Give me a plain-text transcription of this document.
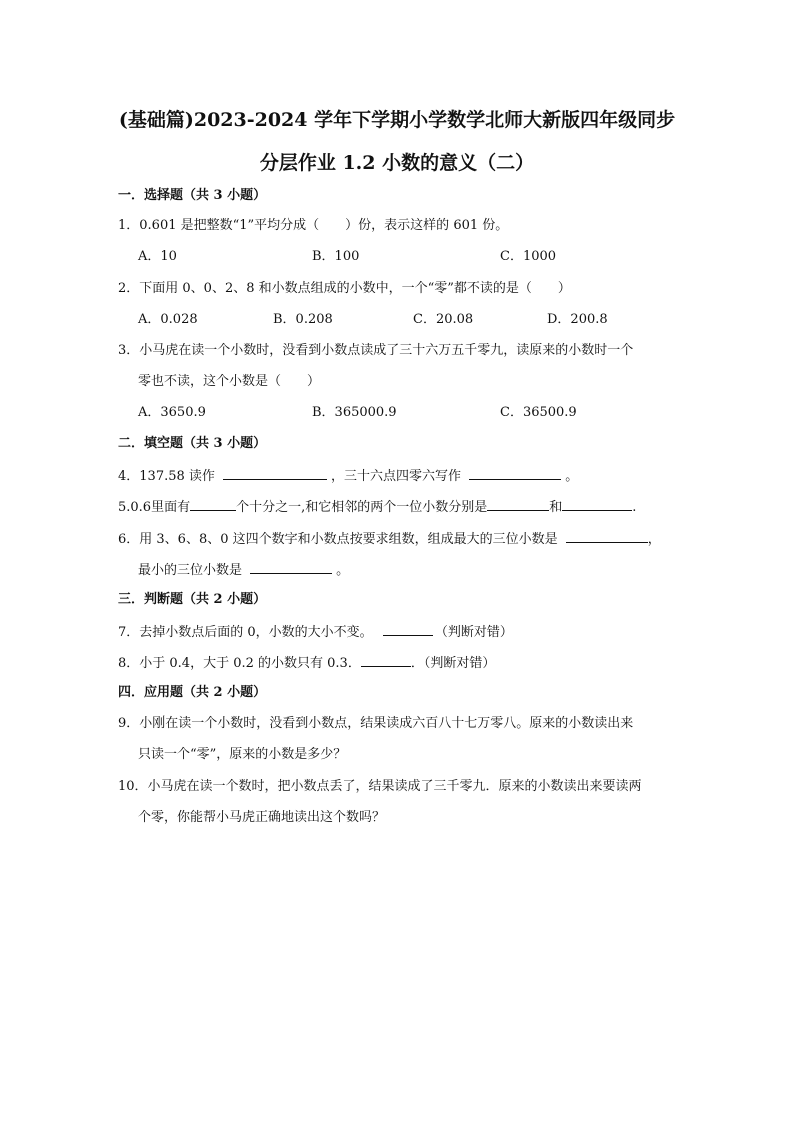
(基础篇)2023-2024 学年下学期小学数学北师大新版四年级同步
分层作业 1.2 小数的意义（二）
一．选择题（共 3 小题）
1．0.601 是把整数“1”平均分成（　　）份，表示这样的 601 份。
A．10	B．100	C．1000
2．下面用 0、0、2、8 和小数点组成的小数中，一个“零”都不读的是（　　）
A．0.028	B．0.208	C．20.08	D．200.8
3．小马虎在读一个小数时，没看到小数点读成了三十六万五千零九，读原来的小数时一个
零也不读，这个小数是（　　）
A．3650.9	B．365000.9	C．36500.9
二．填空题（共 3 小题）
4．137.58 读作	，三十六点四零六写作	。
5.0.6里面有	个十分之一,和它相邻的两个一位小数分别是	和	.
6．用 3、6、8、0 这四个数字和小数点按要求组数，组成最大的三位小数是	，
最小的三位小数是	。
三．判断题（共 2 小题）
7．去掉小数点后面的 0，小数的大小不变。	（判断对错）
8．小于 0.4，大于 0.2 的小数只有 0.3．	．（判断对错）
四．应用题（共 2 小题）
9．小刚在读一个小数时，没看到小数点，结果读成六百八十七万零八。原来的小数读出来
只读一个“零”，原来的小数是多少？
10．小马虎在读一个数时，把小数点丢了，结果读成了三千零九．原来的小数读出来要读两
个零，你能帮小马虎正确地读出这个数吗？
